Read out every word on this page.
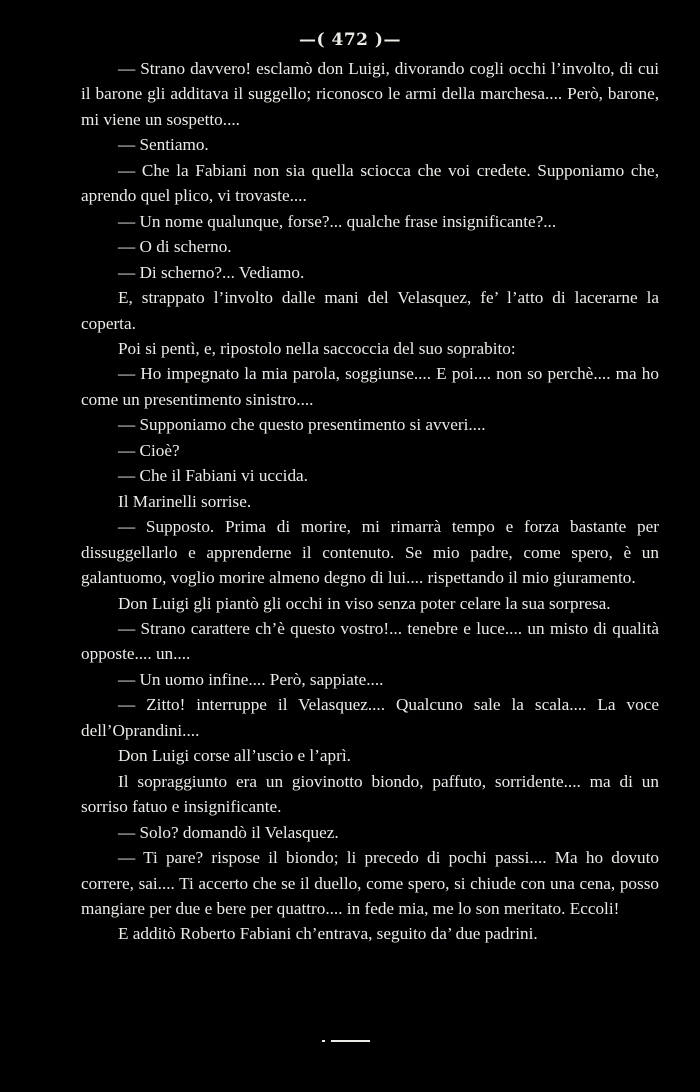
—( 472 )—

— Strano davvero! esclamò don Luigi, divorando cogli occhi l’involto, di cui il barone gli additava il suggello; riconosco le armi della marchesa.... Però, barone, mi viene un sospetto....

— Sentiamo.

— Che la Fabiani non sia quella sciocca che voi credete. Supponiamo che, aprendo quel plico, vi trovaste....

— Un nome qualunque, forse?... qualche frase insignificante?...

— O di scherno.

— Di scherno?... Vediamo.

E, strappato l’involto dalle mani del Velasquez, fe’ l’atto di lacerarne la coperta.

Poi si pentì, e, ripostolo nella saccoccia del suo soprabito:

— Ho impegnato la mia parola, soggiunse.... E poi.... non so perchè.... ma ho come un presentimento sinistro....

— Supponiamo che questo presentimento si avveri....

— Cioè?

— Che il Fabiani vi uccida.

Il Marinelli sorrise.

— Supposto. Prima di morire, mi rimarrà tempo e forza bastante per dissuggellarlo e apprenderne il contenuto. Se mio padre, come spero, è un galantuomo, voglio morire almeno degno di lui.... rispettando il mio giuramento.

Don Luigi gli piantò gli occhi in viso senza poter celare la sua sorpresa.

— Strano carattere ch’è questo vostro!... tenebre e luce.... un misto di qualità opposte.... un....

— Un uomo infine.... Però, sappiate....

— Zitto! interruppe il Velasquez.... Qualcuno sale la scala.... La voce dell’Oprandini....

Don Luigi corse all’uscio e l’aprì.

Il sopraggiunto era un giovinotto biondo, paffuto, sorridente.... ma di un sorriso fatuo e insignificante.

— Solo? domandò il Velasquez.

— Ti pare? rispose il biondo; li precedo di pochi passi.... Ma ho dovuto correre, sai.... Ti accerto che se il duello, come spero, si chiude con una cena, posso mangiare per due e bere per quattro.... in fede mia, me lo son meritato. Eccoli!

E additò Roberto Fabiani ch’entrava, seguito da’ due padrini.
